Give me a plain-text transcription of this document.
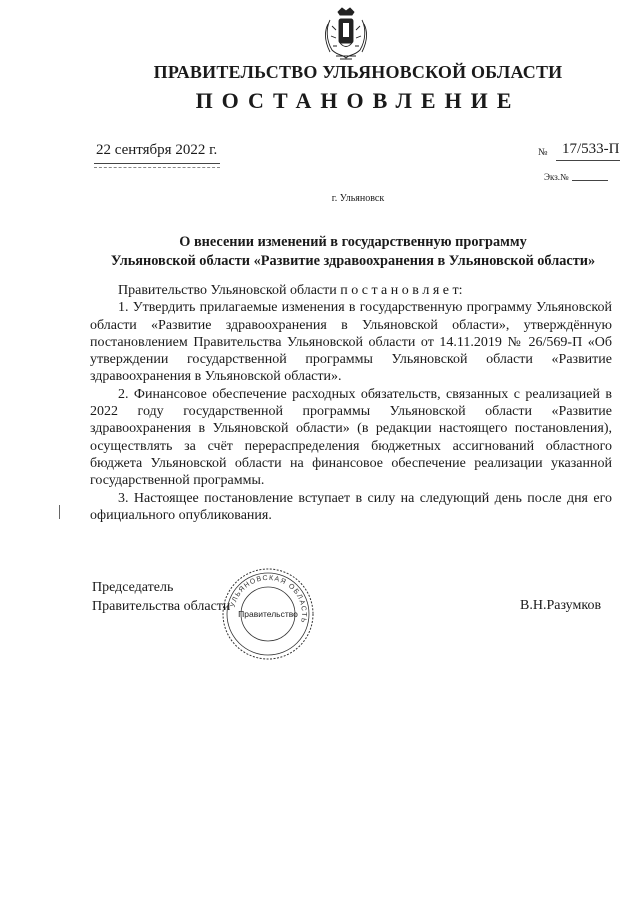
ПРАВИТЕЛЬСТВО УЛЬЯНОВСКОЙ ОБЛАСТИ
ПОСТАНОВЛЕНИЕ
22 сентября 2022 г.	№ 17/533-П
Экз.№
г. Ульяновск
О внесении изменений в государственную программу
Ульяновской области «Развитие здравоохранения в Ульяновской области»

Правительство Ульяновской области п о с т а н о в л я е т:

1. Утвердить прилагаемые изменения в государственную программу Ульяновской области «Развитие здравоохранения в Ульяновской области», утверждённую постановлением Правительства Ульяновской области от 14.11.2019 № 26/569-П «Об утверждении государственной программы Ульяновской области «Развитие здравоохранения в Ульяновской области».

2. Финансовое обеспечение расходных обязательств, связанных с реализацией в 2022 году государственной программы Ульяновской области «Развитие здравоохранения в Ульяновской области» (в редакции настоящего постановления), осуществлять за счёт перераспределения бюджетных ассигнований областного бюджета Ульяновской области на финансовое обеспечение реализации указанной государственной программы.

3. Настоящее постановление вступает в силу на следующий день после дня его официального опубликования.

Председатель
Правительства области УЛЬЯНОВСКАЯ ОБЛАСТЬ
Правительство
В.Н.Разумков
